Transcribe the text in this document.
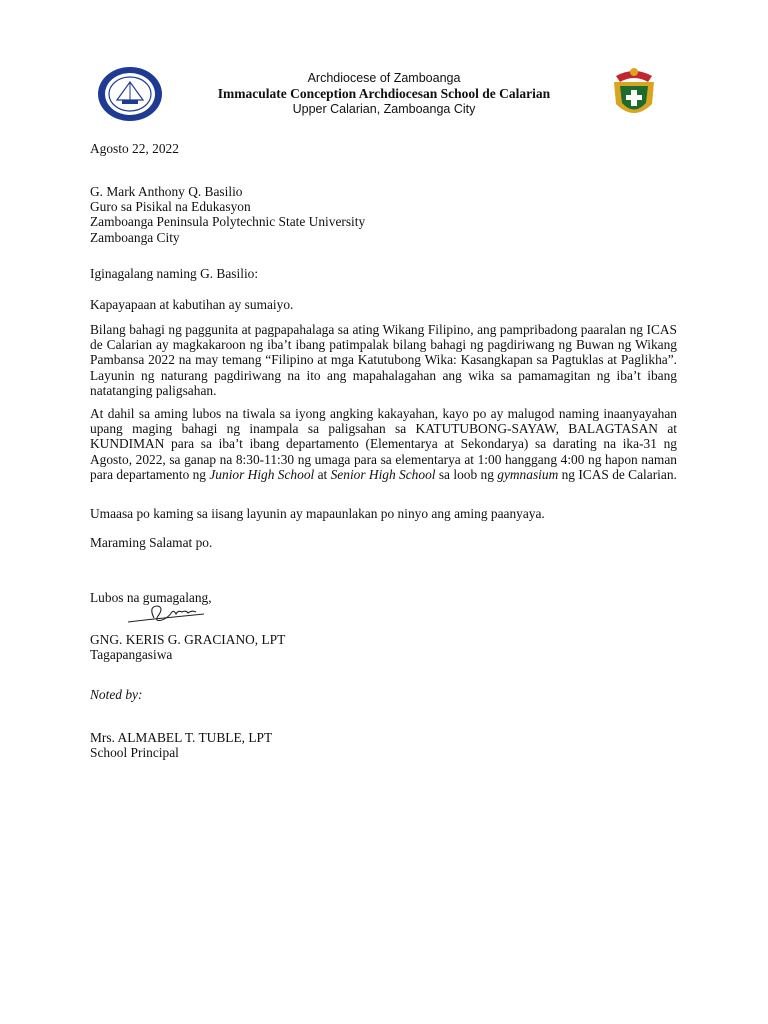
Archdiocese of Zamboanga
Immaculate Conception Archdiocesan School de Calarian
Upper Calarian, Zamboanga City
Agosto 22, 2022
G. Mark Anthony Q. Basilio
Guro sa Pisikal na Edukasyon
Zamboanga Peninsula Polytechnic State University
Zamboanga City
Iginagalang naming G. Basilio:
Kapayapaan at kabutihan ay sumaiyo.
Bilang bahagi ng paggunita at pagpapahalaga sa ating Wikang Filipino, ang pampribadong paaralan ng ICAS de Calarian ay magkakaroon ng iba’t ibang patimpalak bilang bahagi ng pagdiriwang ng Buwan ng Wikang Pambansa 2022 na may temang “Filipino at mga Katutubong Wika: Kasangkapan sa Pagtuklas at Paglikha”. Layunin ng naturang pagdiriwang na ito ang mapahalagahan ang wika sa pamamagitan ng iba’t ibang natatanging paligsahan.
At dahil sa aming lubos na tiwala sa iyong angking kakayahan, kayo po ay malugod naming inaanyayahan upang maging bahagi ng inampala sa paligsahan sa KATUTUBONG-SAYAW, BALAGTASAN at KUNDIMAN para sa iba’t ibang departamento (Elementarya at Sekondarya) sa darating na ika-31 ng Agosto, 2022, sa ganap na 8:30-11:30 ng umaga para sa elementarya at 1:00 hanggang 4:00 ng hapon naman para departamento ng Junior High School at Senior High School sa loob ng gymnasium ng ICAS de Calarian.
Umaasa po kaming sa iisang layunin ay mapaunlakan po ninyo ang aming paanyaya.
Maraming Salamat po.
Lubos na gumagalang,
GNG. KERIS G. GRACIANO, LPT
Tagapangasiwa
Noted by:
Mrs. ALMABEL T. TUBLE, LPT
School Principal
